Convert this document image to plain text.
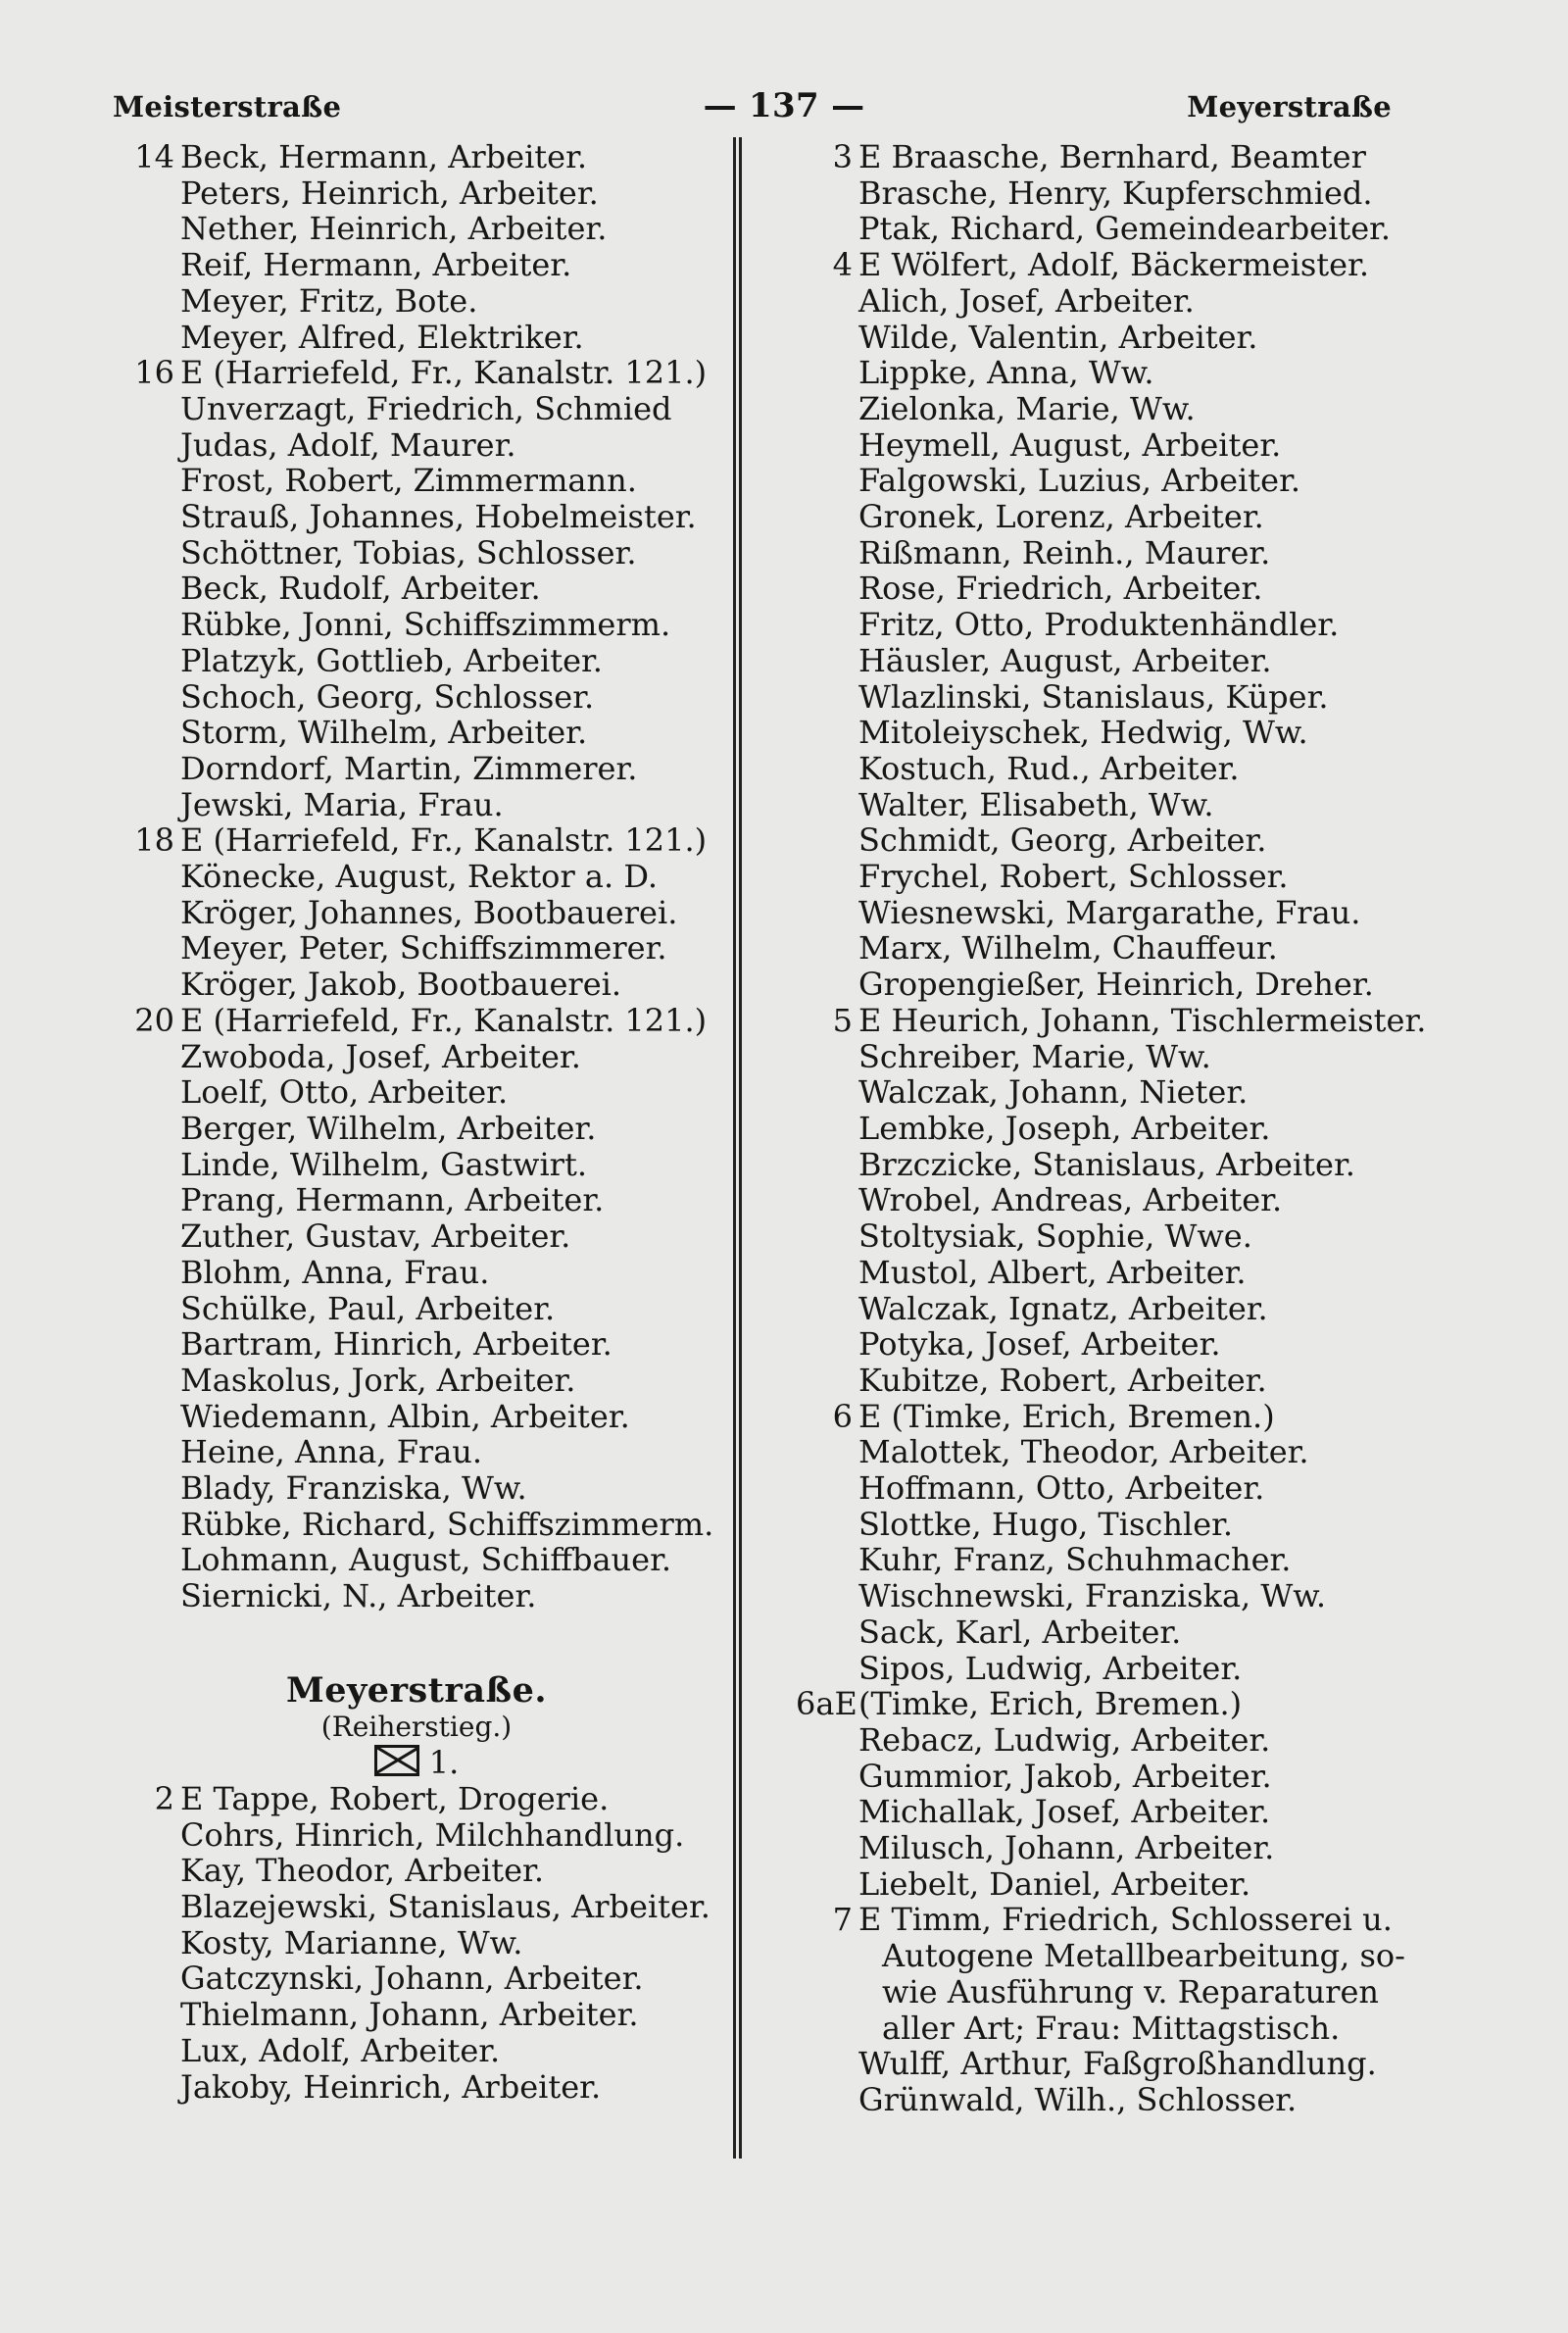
Meisterstraße	— 137 —	Meyerstraße
14 Beck, Hermann, Arbeiter.
Peters, Heinrich, Arbeiter.
Nether, Heinrich, Arbeiter.
Reif, Hermann, Arbeiter.
Meyer, Fritz, Bote.
Meyer, Alfred, Elektriker.
16 E (Harriefeld, Fr., Kanalstr. 121.)
Unverzagt, Friedrich, Schmied
Judas, Adolf, Maurer.
Frost, Robert, Zimmermann.
Strauß, Johannes, Hobelmeister.
Schöttner, Tobias, Schlosser.
Beck, Rudolf, Arbeiter.
Rübke, Jonni, Schiffszimmerm.
Platzyk, Gottlieb, Arbeiter.
Schoch, Georg, Schlosser.
Storm, Wilhelm, Arbeiter.
Dorndorf, Martin, Zimmerer.
Jewski, Maria, Frau.
18 E (Harriefeld, Fr., Kanalstr. 121.)
Könecke, August, Rektor a. D.
Kröger, Johannes, Bootbauerei.
Meyer, Peter, Schiffszimmerer.
Kröger, Jakob, Bootbauerei.
20 E (Harriefeld, Fr., Kanalstr. 121.)
Zwoboda, Josef, Arbeiter.
Loelf, Otto, Arbeiter.
Berger, Wilhelm, Arbeiter.
Linde, Wilhelm, Gastwirt.
Prang, Hermann, Arbeiter.
Zuther, Gustav, Arbeiter.
Blohm, Anna, Frau.
Schülke, Paul, Arbeiter.
Bartram, Hinrich, Arbeiter.
Maskolus, Jork, Arbeiter.
Wiedemann, Albin, Arbeiter.
Heine, Anna, Frau.
Blady, Franziska, Ww.
Rübke, Richard, Schiffszimmerm.
Lohmann, August, Schiffbauer.
Siernicki, N., Arbeiter.
Meyerstraße.
(Reiherstieg.)
1.
2 E Tappe, Robert, Drogerie.
Cohrs, Hinrich, Milchhandlung.
Kay, Theodor, Arbeiter.
Blazejewski, Stanislaus, Arbeiter.
Kosty, Marianne, Ww.
Gatczynski, Johann, Arbeiter.
Thielmann, Johann, Arbeiter.
Lux, Adolf, Arbeiter.
Jakoby, Heinrich, Arbeiter.
3 E Braasche, Bernhard, Beamter
Brasche, Henry, Kupferschmied.
Ptak, Richard, Gemeindearbeiter.
4 E Wölfert, Adolf, Bäckermeister.
Alich, Josef, Arbeiter.
Wilde, Valentin, Arbeiter.
Lippke, Anna, Ww.
Zielonka, Marie, Ww.
Heymell, August, Arbeiter.
Falgowski, Luzius, Arbeiter.
Gronek, Lorenz, Arbeiter.
Rißmann, Reinh., Maurer.
Rose, Friedrich, Arbeiter.
Fritz, Otto, Produktenhändler.
Häusler, August, Arbeiter.
Wlazlinski, Stanislaus, Küper.
Mitoleiyschek, Hedwig, Ww.
Kostuch, Rud., Arbeiter.
Walter, Elisabeth, Ww.
Schmidt, Georg, Arbeiter.
Frychel, Robert, Schlosser.
Wiesnewski, Margarathe, Frau.
Marx, Wilhelm, Chauffeur.
Gropengießer, Heinrich, Dreher.
5 E Heurich, Johann, Tischlermeister.
Schreiber, Marie, Ww.
Walczak, Johann, Nieter.
Lembke, Joseph, Arbeiter.
Brzczicke, Stanislaus, Arbeiter.
Wrobel, Andreas, Arbeiter.
Stoltysiak, Sophie, Wwe.
Mustol, Albert, Arbeiter.
Walczak, Ignatz, Arbeiter.
Potyka, Josef, Arbeiter.
Kubitze, Robert, Arbeiter.
6 E (Timke, Erich, Bremen.)
Malottek, Theodor, Arbeiter.
Hoffmann, Otto, Arbeiter.
Slottke, Hugo, Tischler.
Kuhr, Franz, Schuhmacher.
Wischnewski, Franziska, Ww.
Sack, Karl, Arbeiter.
Sipos, Ludwig, Arbeiter.
6aE(Timke, Erich, Bremen.)
Rebacz, Ludwig, Arbeiter.
Gummior, Jakob, Arbeiter.
Michallak, Josef, Arbeiter.
Milusch, Johann, Arbeiter.
Liebelt, Daniel, Arbeiter.
7 E Timm, Friedrich, Schlosserei u.
Autogene Metallbearbeitung, so-
wie Ausführung v. Reparaturen
aller Art; Frau: Mittagstisch.
Wulff, Arthur, Faßgroßhandlung.
Grünwald, Wilh., Schlosser.
